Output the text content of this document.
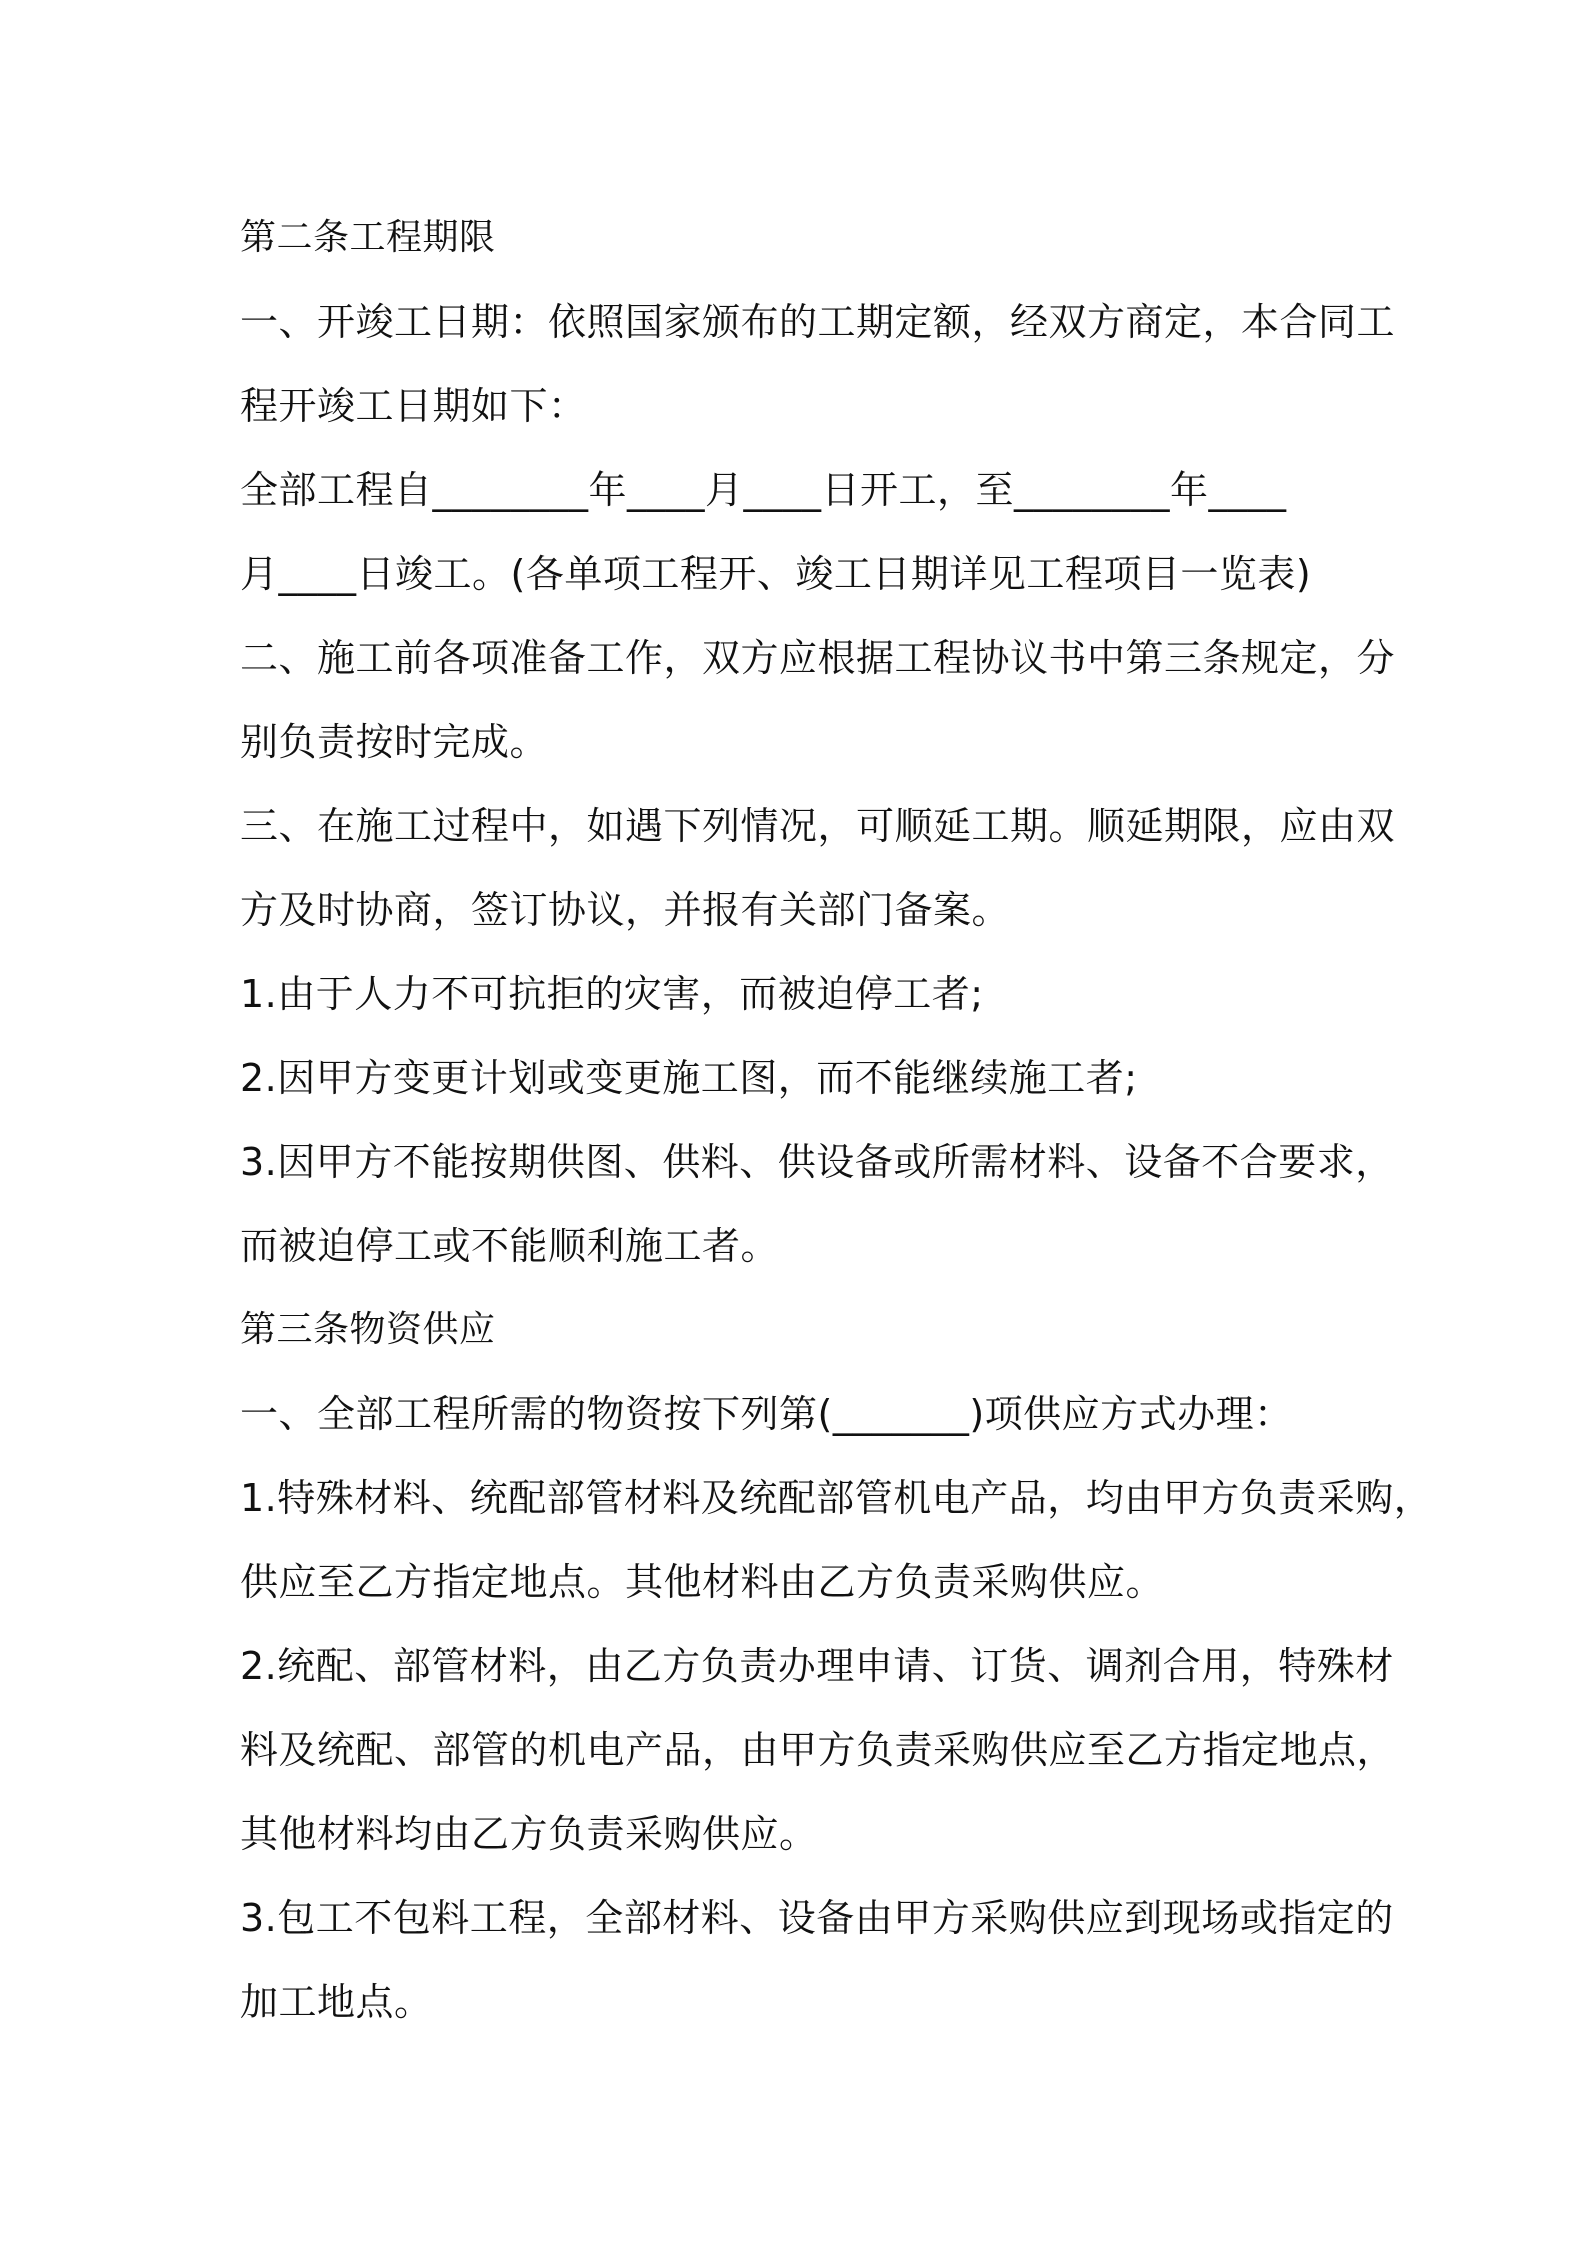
第二条工程期限
一、开竣工日期：依照国家颁布的工期定额，经双方商定，本合同工
程开竣工日期如下：
全部工程自________年____月____日开工，至________年____
月____日竣工。(各单项工程开、竣工日期详见工程项目一览表)
二、施工前各项准备工作，双方应根据工程协议书中第三条规定，分
别负责按时完成。
三、在施工过程中，如遇下列情况，可顺延工期。顺延期限，应由双
方及时协商，签订协议，并报有关部门备案。
1.由于人力不可抗拒的灾害，而被迫停工者;
2.因甲方变更计划或变更施工图，而不能继续施工者;
3.因甲方不能按期供图、供料、供设备或所需材料、设备不合要求，
而被迫停工或不能顺利施工者。
第三条物资供应
一、全部工程所需的物资按下列第(_______)项供应方式办理：
1.特殊材料、统配部管材料及统配部管机电产品，均由甲方负责采购，
供应至乙方指定地点。其他材料由乙方负责采购供应。
2.统配、部管材料，由乙方负责办理申请、订货、调剂合用，特殊材
料及统配、部管的机电产品，由甲方负责采购供应至乙方指定地点，
其他材料均由乙方负责采购供应。
3.包工不包料工程，全部材料、设备由甲方采购供应到现场或指定的
加工地点。
